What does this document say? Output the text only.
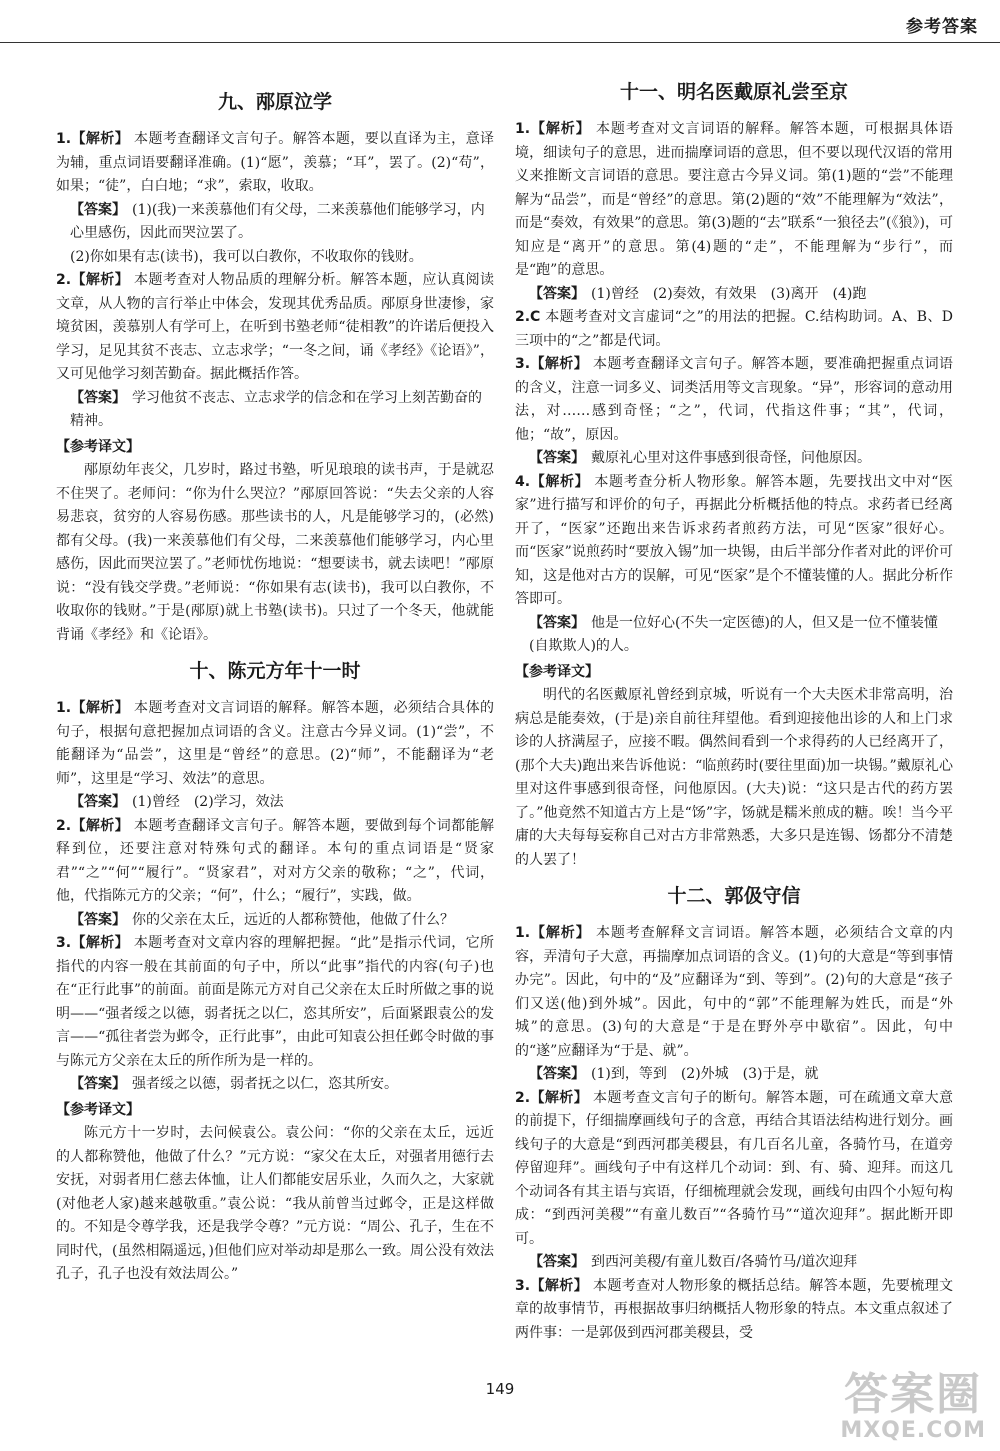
参考答案
九、邴原泣学

1.【解析】 本题考查翻译文言句子。解答本题，要以直译为主，意译为辅，重点词语要翻译准确。(1)“愿”，羡慕；“耳”，罢了。(2)“苟”，如果；“徒”，白白地；“求”，索取，收取。

【答案】 (1)(我)一来羡慕他们有父母，二来羡慕他们能够学习，内心里感伤，因此而哭泣罢了。

(2)你如果有志(读书)，我可以白教你，不收取你的钱财。

2.【解析】 本题考查对人物品质的理解分析。解答本题，应认真阅读文章，从人物的言行举止中体会，发现其优秀品质。邴原身世凄惨，家境贫困，羡慕别人有学可上，在听到书塾老师“徒相教”的许诺后便投入学习，足见其贫不丧志、立志求学；“一冬之间，诵《孝经》《论语》”，又可见他学习刻苦勤奋。据此概括作答。

【答案】 学习他贫不丧志、立志求学的信念和在学习上刻苦勤奋的精神。

【参考译文】

邴原幼年丧父，几岁时，路过书塾，听见琅琅的读书声，于是就忍不住哭了。老师问：“你为什么哭泣？”邴原回答说：“失去父亲的人容易悲哀，贫穷的人容易伤感。那些读书的人，凡是能够学习的，(必然)都有父母。(我)一来羡慕他们有父母，二来羡慕他们能够学习，内心里感伤，因此而哭泣罢了。”老师忧伤地说：“想要读书，就去读吧！”邴原说：“没有钱交学费。”老师说：“你如果有志(读书)，我可以白教你，不收取你的钱财。”于是(邴原)就上书塾(读书)。只过了一个冬天，他就能背诵《孝经》和《论语》。

十、陈元方年十一时

1.【解析】 本题考查对文言词语的解释。解答本题，必须结合具体的句子，根据句意把握加点词语的含义。注意古今异义词。(1)“尝”，不能翻译为“品尝”，这里是“曾经”的意思。(2)“师”，不能翻译为“老师”，这里是“学习、效法”的意思。

【答案】 (1)曾经　(2)学习，效法

2.【解析】 本题考查翻译文言句子。解答本题，要做到每个词都能解释到位，还要注意对特殊句式的翻译。本句的重点词语是“贤家君”“之”“何”“履行”。“贤家君”，对对方父亲的敬称；“之”，代词，他，代指陈元方的父亲；“何”，什么；“履行”，实践，做。

【答案】 你的父亲在太丘，远近的人都称赞他，他做了什么？

3.【解析】 本题考查对文章内容的理解把握。“此”是指示代词，它所指代的内容一般在其前面的句子中，所以“此事”指代的内容(句子)也在“正行此事”的前面。前面是陈元方对自己父亲在太丘时所做之事的说明——“强者绥之以德，弱者抚之以仁，恣其所安”，后面紧跟袁公的发言——“孤往者尝为邺令，正行此事”，由此可知袁公担任邺令时做的事与陈元方父亲在太丘的所作所为是一样的。

【答案】 强者绥之以德，弱者抚之以仁，恣其所安。

【参考译文】

陈元方十一岁时，去问候袁公。袁公问：“你的父亲在太丘，远近的人都称赞他，他做了什么？”元方说：“家父在太丘，对强者用德行去安抚，对弱者用仁慈去体恤，让人们都能安居乐业，久而久之，大家就(对他老人家)越来越敬重。”袁公说：“我从前曾当过邺令，正是这样做的。不知是令尊学我，还是我学令尊？”元方说：“周公、孔子，生在不同时代，(虽然相隔遥远，)但他们应对举动却是那么一致。周公没有效法孔子，孔子也没有效法周公。”

十一、明名医戴原礼尝至京

1.【解析】 本题考查对文言词语的解释。解答本题，可根据具体语境，细读句子的意思，进而揣摩词语的意思，但不要以现代汉语的常用义来推断文言词语的意思。要注意古今异义词。第(1)题的“尝”不能理解为“品尝”，而是“曾经”的意思。第(2)题的“效”不能理解为“效法”，而是“奏效，有效果”的意思。第(3)题的“去”联系“一狼径去”(《狼》)，可知应是“离开”的意思。第(4)题的“走”，不能理解为“步行”，而是“跑”的意思。

【答案】 (1)曾经　(2)奏效，有效果　(3)离开　(4)跑

2.C 本题考查对文言虚词“之”的用法的把握。C.结构助词。A、B、D三项中的“之”都是代词。

3.【解析】 本题考查翻译文言句子。解答本题，要准确把握重点词语的含义，注意一词多义、词类活用等文言现象。“异”，形容词的意动用法，对……感到奇怪；“之”，代词，代指这件事；“其”，代词，他；“故”，原因。

【答案】 戴原礼心里对这件事感到很奇怪，问他原因。

4.【解析】 本题考查分析人物形象。解答本题，先要找出文中对“医家”进行描写和评价的句子，再据此分析概括他的特点。求药者已经离开了，“医家”还跑出来告诉求药者煎药方法，可见“医家”很好心。而“医家”说煎药时“要放入锡”加一块锡，由后半部分作者对此的评价可知，这是他对古方的误解，可见“医家”是个不懂装懂的人。据此分析作答即可。

【答案】 他是一位好心(不失一定医德)的人，但又是一位不懂装懂(自欺欺人)的人。

【参考译文】

明代的名医戴原礼曾经到京城，听说有一个大夫医术非常高明，治病总是能奏效，(于是)亲自前往拜望他。看到迎接他出诊的人和上门求诊的人挤满屋子，应接不暇。偶然间看到一个求得药的人已经离开了，(那个大夫)跑出来告诉他说：“临煎药时(要往里面)加一块锡。”戴原礼心里对这件事感到很奇怪，问他原因。(大夫)说：“这只是古代的药方罢了。”他竟然不知道古方上是“饧”字，饧就是糯米煎成的糖。唉！当今平庸的大夫每每妄称自己对古方非常熟悉，大多只是连锡、饧都分不清楚的人罢了！

十二、郭伋守信

1.【解析】 本题考查解释文言词语。解答本题，必须结合文章的内容，弄清句子大意，再揣摩加点词语的含义。(1)句的大意是“等到事情办完”。因此，句中的“及”应翻译为“到、等到”。(2)句的大意是“孩子们又送(他)到外城”。因此，句中的“郭”不能理解为姓氏，而是“外城”的意思。(3)句的大意是“于是在野外亭中歇宿”。因此，句中的“遂”应翻译为“于是、就”。

【答案】 (1)到，等到　(2)外城　(3)于是，就

2.【解析】 本题考查文言句子的断句。解答本题，可在疏通文章大意的前提下，仔细揣摩画线句子的含意，再结合其语法结构进行划分。画线句子的大意是“到西河郡美稷县，有几百名儿童，各骑竹马，在道旁停留迎拜”。画线句子中有这样几个动词：到、有、骑、迎拜。而这几个动词各有其主语与宾语，仔细梳理就会发现，画线句由四个小短句构成：“到西河美稷”“有童儿数百”“各骑竹马”“道次迎拜”。据此断开即可。

【答案】 到西河美稷/有童儿数百/各骑竹马/道次迎拜

3.【解析】 本题考查对人物形象的概括总结。解答本题，先要梳理文章的故事情节，再根据故事归纳概括人物形象的特点。本文重点叙述了两件事：一是郭伋到西河郡美稷县，受

149	答案圈
MXQE.COM
